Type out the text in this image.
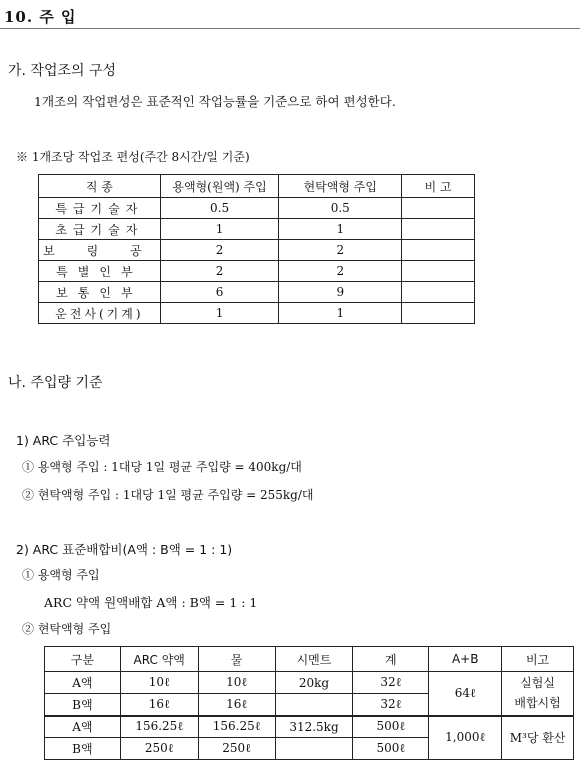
10. 주 입
가. 작업조의 구성
1개조의 작업편성은 표준적인 작업능률을 기준으로 하여 편성한다.
※ 1개조당 작업조 편성(주간 8시간/일 기준)
직 종	용액형(원액) 주입	현탁액형 주입	비 고
특급기술자	0.5	0.5	
초급기술자	1	1	
보 링 공	2	2	
특별인부	2	2	
보통인부	6	9	
운전사(기계)	1	1	
나. 주입량 기준
1) ARC 주입능력
① 용액형 주입 : 1대당 1일 평균 주입량 = 400kg/대
② 현탁액형 주입 : 1대당 1일 평균 주입량 = 255kg/대
2) ARC 표준배합비(A액 : B액 = 1 : 1)
① 용액형 주입
ARC 약액 원액배합 A액 : B액 = 1 : 1
② 현탁액형 주입
구분	ARC 약액	물	시멘트	계	A+B	비고
A액	10ℓ	10ℓ	20kg	32ℓ	64ℓ	실험실
배합시험

B액	16ℓ	16ℓ		32ℓ		
A액	156.25ℓ	156.25ℓ	312.5kg	500ℓ	1,000ℓ	M³당 환산
B액	250ℓ	250ℓ		500ℓ		
